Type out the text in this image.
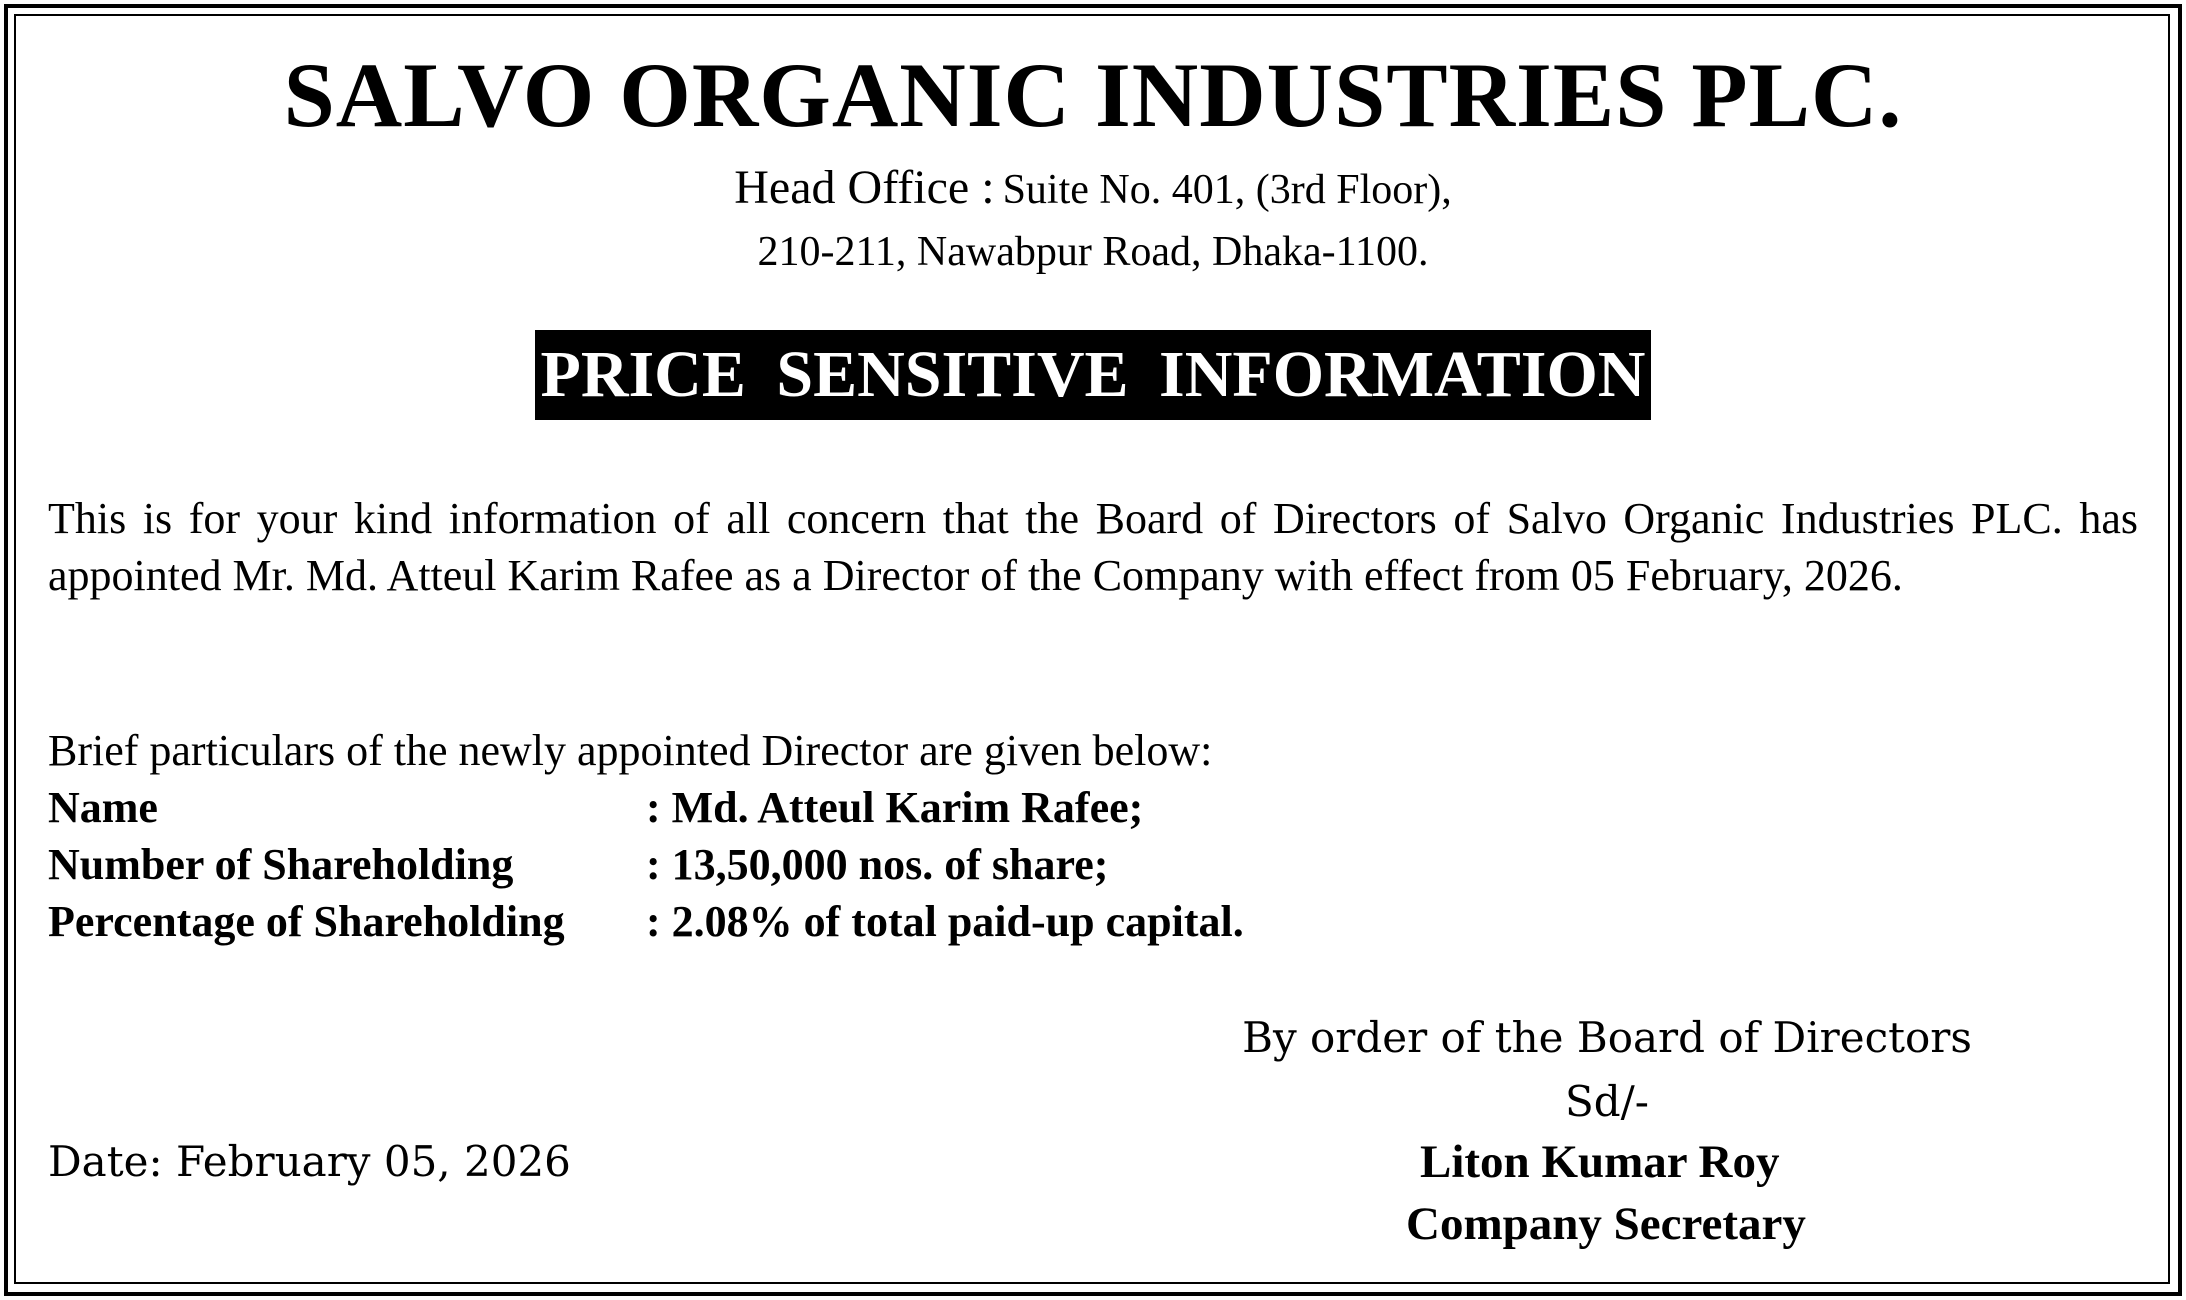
SALVO ORGANIC INDUSTRIES PLC.
Head Office : Suite No. 401, (3rd Floor),
210-211, Nawabpur Road, Dhaka-1100.
PRICE SENSITIVE INFORMATION
This is for your kind information of all concern that the Board of Directors of Salvo Organic Industries PLC. has appointed Mr. Md. Atteul Karim Rafee as a Director of the Company with effect from 05 February, 2026.
Brief particulars of the newly appointed Director are given below:
Name	: Md. Atteul Karim Rafee;
Number of Shareholding	: 13,50,000 nos. of share;
Percentage of Shareholding : 2.08% of total paid-up capital.
By order of the Board of Directors
Sd/-
Date: February 05, 2026	Liton Kumar Roy
Company Secretary
